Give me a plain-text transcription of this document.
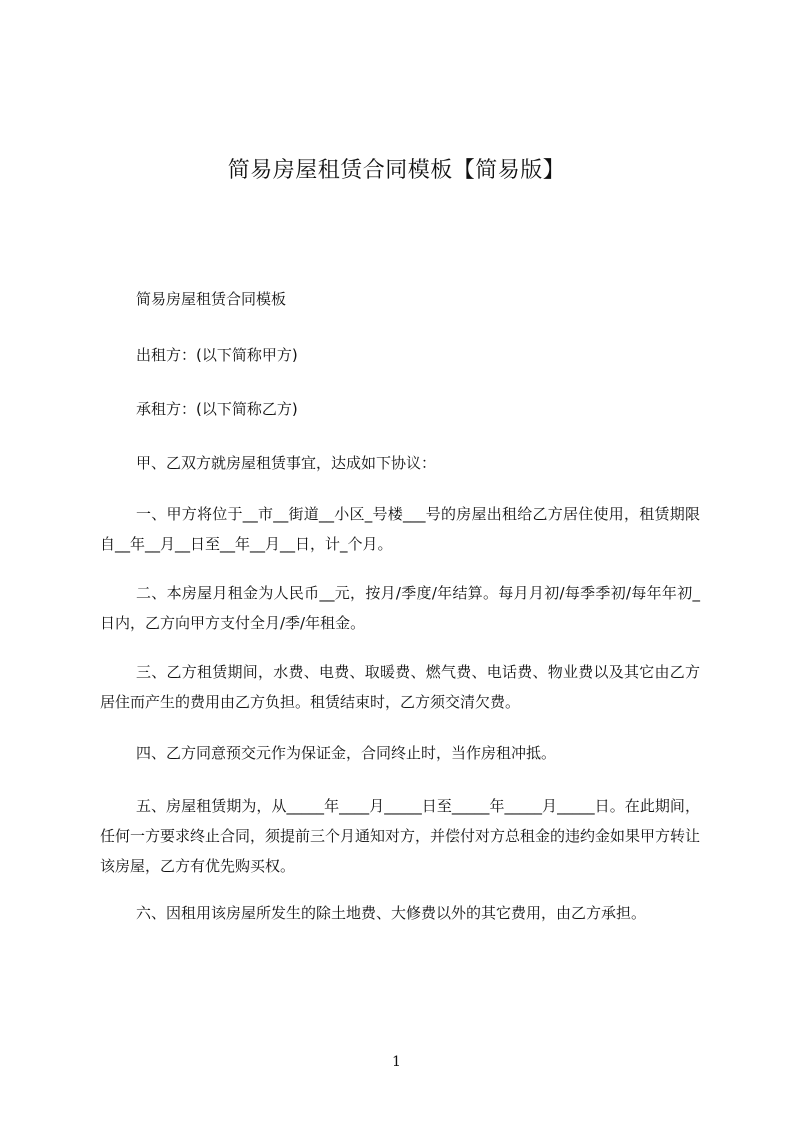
简易房屋租赁合同模板【简易版】

简易房屋租赁合同模板

出租方：(以下简称甲方)

承租方：(以下简称乙方)

甲、乙双方就房屋租赁事宜，达成如下协议：

一、甲方将位于__市__街道__小区_号楼___号的房屋出租给乙方居住使用，租赁期限自__年__月__日至__年__月__日，计_个月。

二、本房屋月租金为人民币__元，按月/季度/年结算。每月月初/每季季初/每年年初_日内，乙方向甲方支付全月/季/年租金。

三、乙方租赁期间，水费、电费、取暖费、燃气费、电话费、物业费以及其它由乙方居住而产生的费用由乙方负担。租赁结束时，乙方须交清欠费。

四、乙方同意预交元作为保证金，合同终止时，当作房租冲抵。

五、房屋租赁期为，从_____年____月_____日至_____年_____月_____日。在此期间，任何一方要求终止合同，须提前三个月通知对方，并偿付对方总租金的违约金如果甲方转让该房屋，乙方有优先购买权。

六、因租用该房屋所发生的除土地费、大修费以外的其它费用，由乙方承担。

1
